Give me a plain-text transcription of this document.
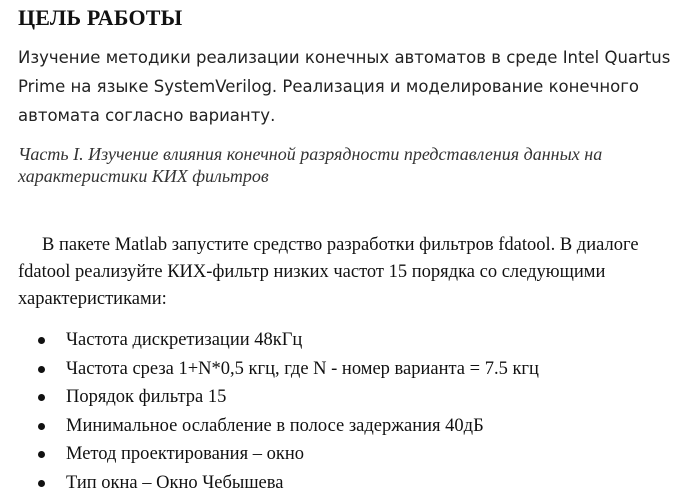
ЦЕЛЬ РАБОТЫ
Изучение методики реализации конечных автоматов в среде Intel Quartus Prime на языке SystemVerilog. Реализация и моделирование конечного автомата согласно варианту.
Часть I. Изучение влияния конечной разрядности представления данных на характеристики КИХ фильтров
В пакете Matlab запустите средство разработки фильтров fdatool. В диалоге fdatool реализуйте КИХ-фильтр низких частот 15 порядка со следующими характеристиками:
Частота дискретизации 48кГц
Частота среза 1+N*0,5 кгц, где N - номер варианта = 7.5 кгц
Порядок фильтра 15
Минимальное ослабление в полосе задержания 40дБ
Метод проектирования – окно
Тип окна – Окно Чебышева
